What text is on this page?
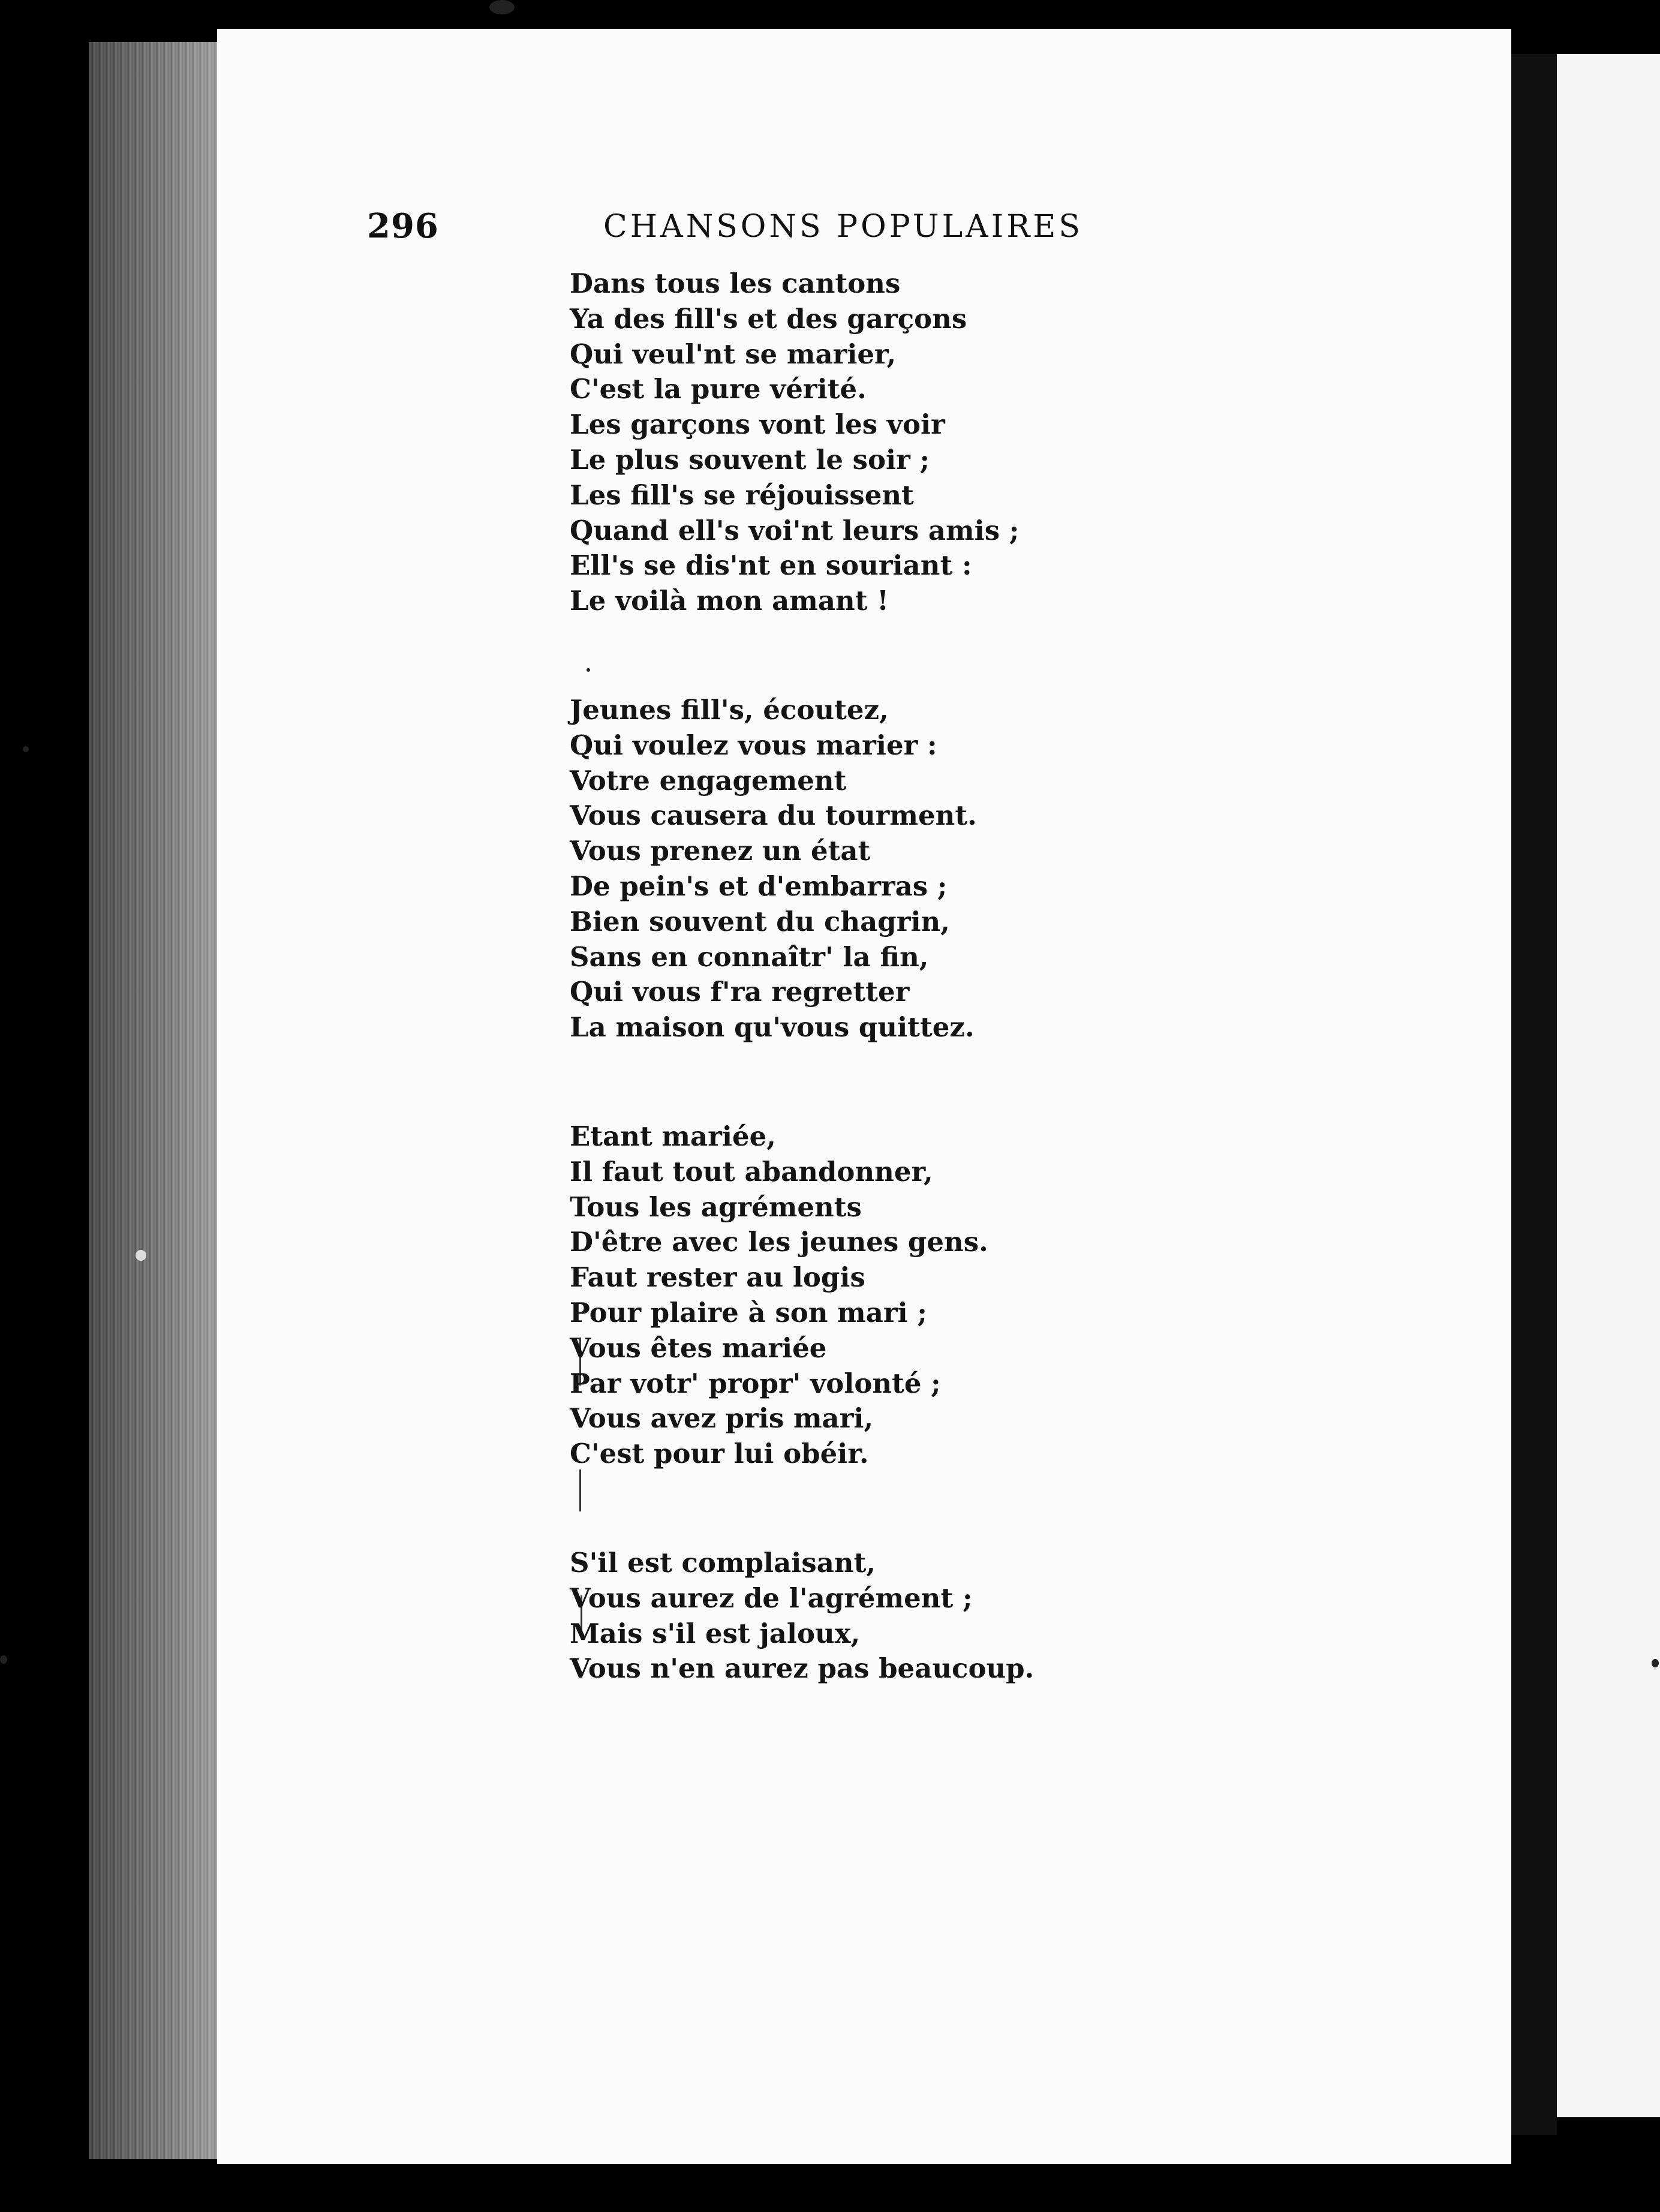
296	CHANSONS POPULAIRES
Dans tous les cantons
Ya des fill's et des garçons
Qui veul'nt se marier,
C'est la pure vérité.
Les garçons vont les voir
Le plus souvent le soir ;
Les fill's se réjouissent
Quand ell's voi'nt leurs amis ;
Ell's se dis'nt en souriant :
Le voilà mon amant !
Jeunes fill's, écoutez,
Qui voulez vous marier :
Votre engagement
Vous causera du tourment.
Vous prenez un état
De pein's et d'embarras ;
Bien souvent du chagrin,
Sans en connaîtr' la fin,
Qui vous f'ra regretter
La maison qu'vous quittez.
Etant mariée,
Il faut tout abandonner,
Tous les agréments
D'être avec les jeunes gens.
Faut rester au logis
Pour plaire à son mari ;
Vous êtes mariée
Par votr' propr' volonté ;
Vous avez pris mari,
C'est pour lui obéir.
S'il est complaisant,
Vous aurez de l'agrément ;
Mais s'il est jaloux,
Vous n'en aurez pas beaucoup.
